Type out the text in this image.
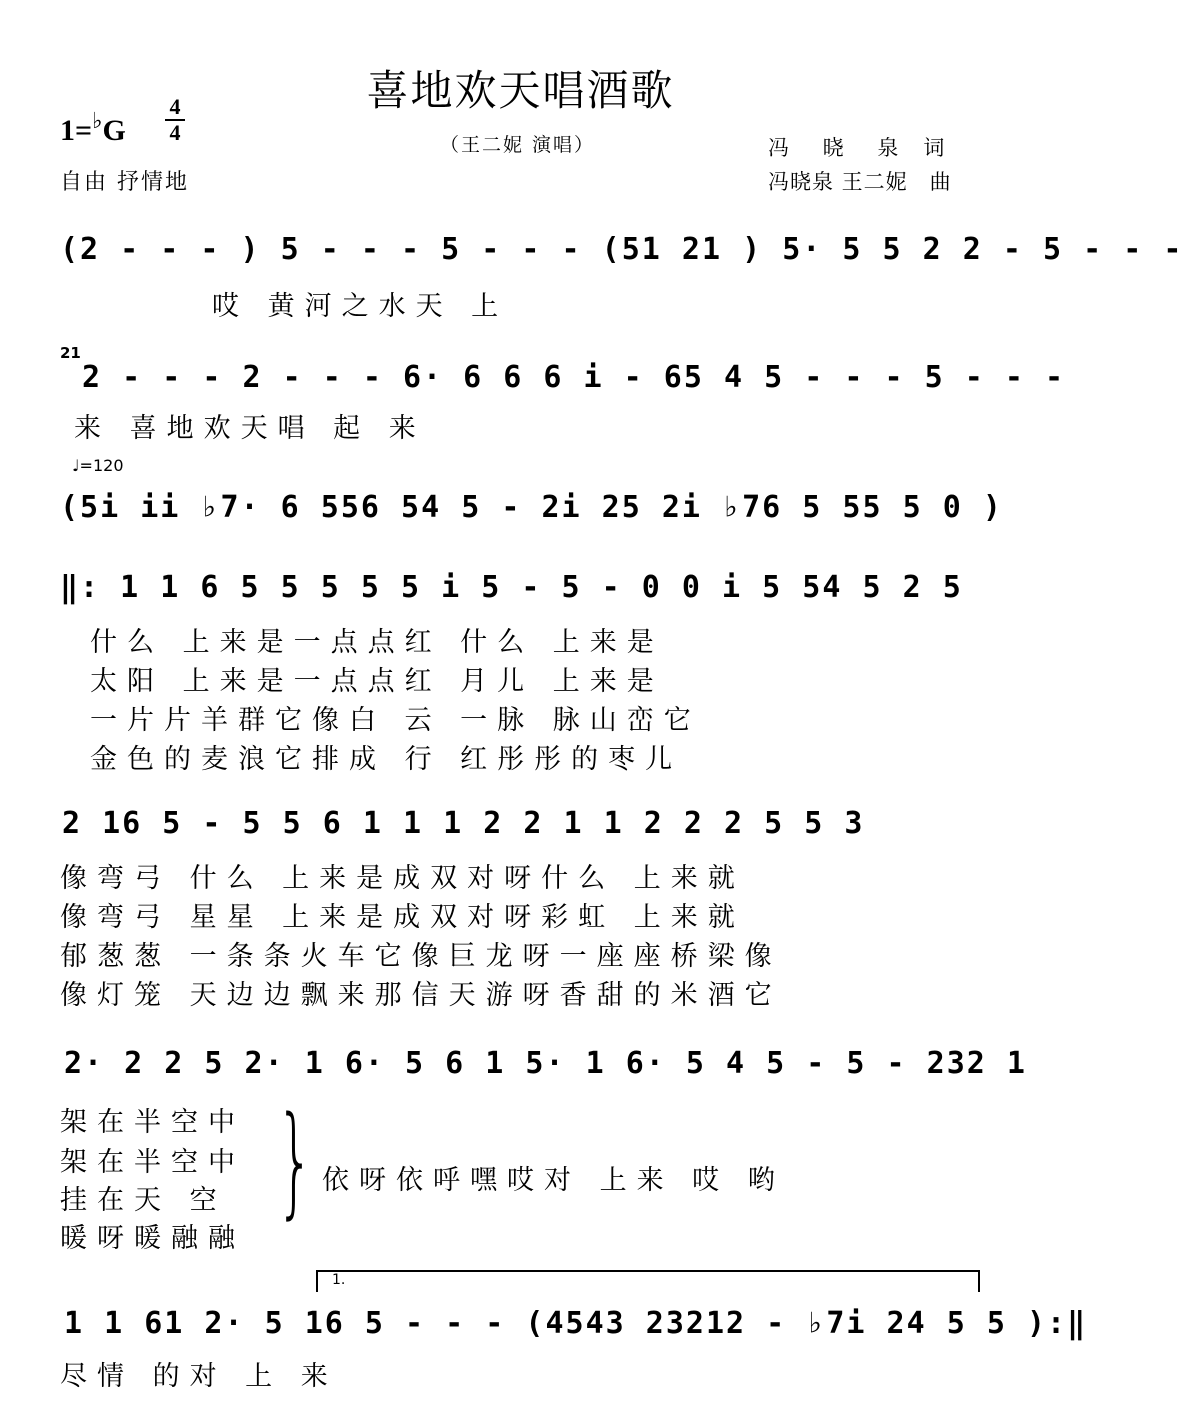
喜地欢天唱酒歌
1=♭G
4
4
自由 抒情地
（王二妮 演唱）	冯　 晓　 泉　词
冯晓泉 王二妮　曲
(2 - - - ) 5 - - - 5 - - - (51 21 ) 5· 5 5 2 2 - 5 - - -
哎 黄河之水天 上
21
2 - - - 2 - - - 6· 6 6 6 i - 65 4 5 - - - 5 - - -
来 喜地欢天唱 起 来
♩=120
(5i ii ♭7· 6 556 54 5 - 2i 25 2i ♭76 5 55 5 0 )
‖: 1 1 6 5 5 5 5 5 i 5 - 5 - 0 0 i 5 54 5 2 5
什么 上来是一点点红 什么 上来是
太阳 上来是一点点红 月儿 上来是
一片片羊群它像白 云 一脉 脉山峦它
金色的麦浪它排成 行 红彤彤的枣儿
2 16 5 - 5 5 6 1 1 1 2 2 1 1 2 2 2 5 5 3
像弯弓 什么 上来是成双对呀什么 上来就
像弯弓 星星 上来是成双对呀彩虹 上来就
郁葱葱 一条条火车它像巨龙呀一座座桥梁像
像灯笼 天边边飘来那信天游呀香甜的米酒它
2· 2 2 5 2· 1 6· 5 6 1 5· 1 6· 5 4 5 - 5 - 232 1
架在半空中
架在半空中
挂在天 空
暖呀暖融融
} 依呀依呼嘿哎对 上来 哎 哟
1.
1 1 61 2· 5 16 5 - - - (4543 23212 - ♭7i 24 5 5 ):‖
尽情 的对 上 来
